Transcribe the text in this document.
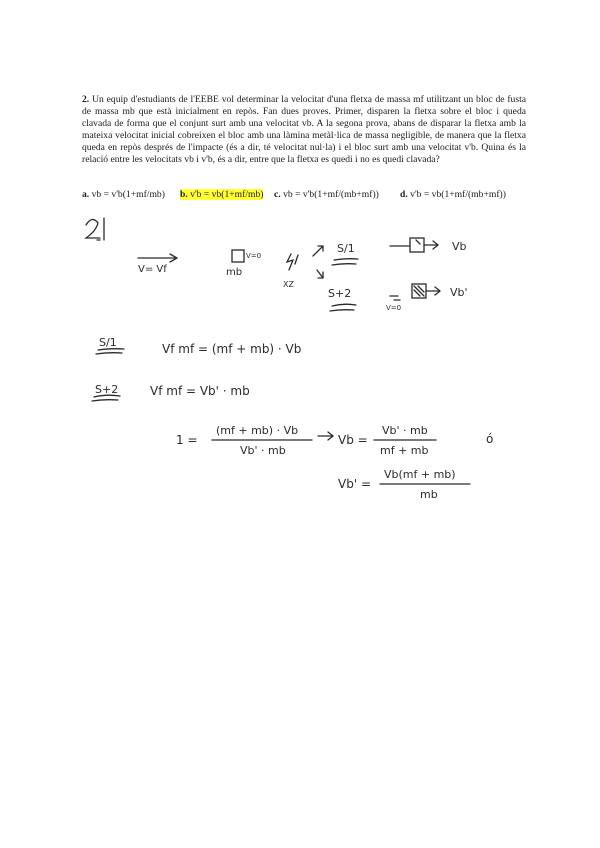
2. Un equip d'estudiants de l'EEBE vol determinar la velocitat d'una fletxa de massa mf utilitzant un bloc de fusta de massa mb que està inicialment en repòs. Fan dues proves. Primer, disparen la fletxa sobre el bloc i queda clavada de forma que el conjunt surt amb una velocitat vb. A la segona prova, abans de disparar la fletxa amb la mateixa velocitat inicial cobreixen el bloc amb una làmina metàl·lica de massa negligible, de manera que la fletxa queda en repòs després de l'impacte (és a dir, té velocitat nul·la) i el bloc surt amb una velocitat v'b. Quina és la relació entre les velocitats vb i v'b, és a dir, entre que la fletxa es quedi i no es quedi clavada?
a. vb = v'b(1+mf/mb) b. v'b = vb(1+mf/mb) c. vb = v'b(1+mf/(mb+mf)) d. v'b = vb(1+mf/(mb+mf))
V= Vf	mb
V=0
XZ
S/1
S+2
Vb
Vb'
V=0
S/1
S+2
Vf mf = (mf + mb) · Vb
Vf mf = Vb' · mb
1 =
(mf + mb) · Vb
Vb' · mb
Vb =
Vb' · mb
mf + mb
ó
Vb' =
Vb(mf + mb)
mb
2)
